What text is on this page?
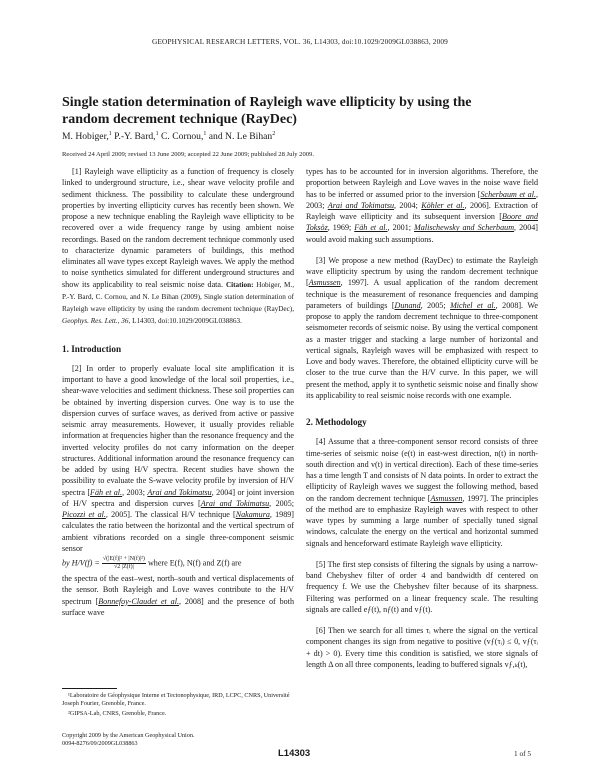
GEOPHYSICAL RESEARCH LETTERS, VOL. 36, L14303, doi:10.1029/2009GL038863, 2009
Single station determination of Rayleigh wave ellipticity by using the random decrement technique (RayDec)
M. Hobiger,$^1$ P.-Y. Bard,$^1$ C. Cornou,$^1$ and N. Le Bihan$^2$
Received 24 April 2009; revised 13 June 2009; accepted 22 June 2009; published 28 July 2009.

[1] Rayleigh wave ellipticity as a function of frequency is closely linked to underground structure, i.e., shear wave velocity profile and sediment thickness. The possibility to calculate these underground properties by inverting ellipticity curves has recently been shown. We propose a new technique enabling the Rayleigh wave ellipticity to be recovered over a wide frequency range by using ambient noise recordings. Based on the random decrement technique commonly used to characterize dynamic parameters of buildings, this method eliminates all wave types except Rayleigh waves. We apply the method to noise synthetics simulated for different underground structures and show its applicability to real seismic noise data. Citation: Hobiger, M., P.-Y. Bard, C. Cornou, and N. Le Bihan (2009), Single station determination of Rayleigh wave ellipticity by using the random decrement technique (RayDec), Geophys. Res. Lett., 36, L14303, doi:10.1029/2009GL038863.

1. Introduction

[2] In order to properly evaluate local site amplification it is important to have a good knowledge of the local soil properties, i.e., shear-wave velocities and sediment thickness. These soil properties can be obtained by inverting dispersion curves. One way is to use the dispersion curves of surface waves, as derived from active or passive seismic array measurements. However, it usually provides reliable information at frequencies higher than the resonance frequency and the inverted velocity profiles do not carry information on the deeper structures. Additional information around the resonance frequency can be added by using H/V spectra. Recent studies have shown the possibility to evaluate the S-wave velocity profile by inversion of H/V spectra [Fäh et al., 2003; Arai and Tokimatsu, 2004] or joint inversion of H/V spectra and dispersion curves [Arai and Tokimatsu, 2005; Picozzi et al., 2005]. The classical H/V technique [Nakamura, 1989] calculates the ratio between the horizontal and the vertical spectrum of ambient vibrations recorded on a single three-component seismic sensor

by $H/V(f) = \frac{\text{√(|E(f)|² + |N(f)|²)}}{√2 |Z(f)|}$ where E(f), N(f) and Z(f) are

the spectra of the east–west, north–south and vertical displacements of the sensor. Both Rayleigh and Love waves contribute to the H/V spectrum [Bonnefoy-Claudet et al., 2008] and the presence of both surface wave

¹Laboratoire de Géophysique Interne et Tectonophysique, IRD, LCPC, CNRS, Université Joseph Fourier, Grenoble, France.

²GIPSA-Lab, CNRS, Grenoble, France.

Copyright 2009 by the American Geophysical Union.
0094-8276/09/2009GL038863

types has to be accounted for in inversion algorithms. Therefore, the proportion between Rayleigh and Love waves in the noise wave field has to be inferred or assumed prior to the inversion [Scherbaum et al., 2003; Arai and Tokimatsu, 2004; Köhler et al., 2006]. Extraction of Rayleigh wave ellipticity and its subsequent inversion [Boore and Toksöz, 1969; Fäh et al., 2001; Malischewsky and Scherbaum, 2004] would avoid making such assumptions.

[3] We propose a new method (RayDec) to estimate the Rayleigh wave ellipticity spectrum by using the random decrement technique [Asmussen, 1997]. A usual application of the random decrement technique is the measurement of resonance frequencies and damping parameters of buildings [Dunand, 2005; Michel et al., 2008]. We propose to apply the random decrement technique to three-component seismometer records of seismic noise. By using the vertical component as a master trigger and stacking a large number of horizontal and vertical signals, Rayleigh waves will be emphasized with respect to Love and body waves. Therefore, the obtained ellipticity curve will be closer to the true curve than the H/V curve. In this paper, we will present the method, apply it to synthetic seismic noise and finally show its applicability to real seismic noise records with one example.

2. Methodology

[4] Assume that a three-component sensor record consists of three time-series of seismic noise (e(t) in east-west direction, n(t) in north-south direction and v(t) in vertical direction). Each of these time-series has a time length T and consists of N data points. In order to extract the ellipticity of Rayleigh waves we suggest the following method, based on the random decrement technique [Asmussen, 1997]. The principles of the method are to emphasize Rayleigh waves with respect to other wave types by summing a large number of specially tuned signal windows, calculate the energy on the vertical and horizontal summed signals and henceforward estimate Rayleigh wave ellipticity.

[5] The first step consists of filtering the signals by using a narrow-band Chebyshev filter of order 4 and bandwidth df centered on frequency f. We use the Chebyshev filter because of its sharpness. Filtering was performed on a linear frequency scale. The resulting signals are called eƒ(t), nƒ(t) and vƒ(t).

[6] Then we search for all times τᵢ where the signal on the vertical component changes its sign from negative to positive (vƒ(τᵢ) ≤ 0, vƒ(τᵢ + dt) > 0). Every time this condition is satisfied, we store signals of length Δ on all three components, leading to buffered signals vƒ,ₖ(t),

L14303	1 of 5
